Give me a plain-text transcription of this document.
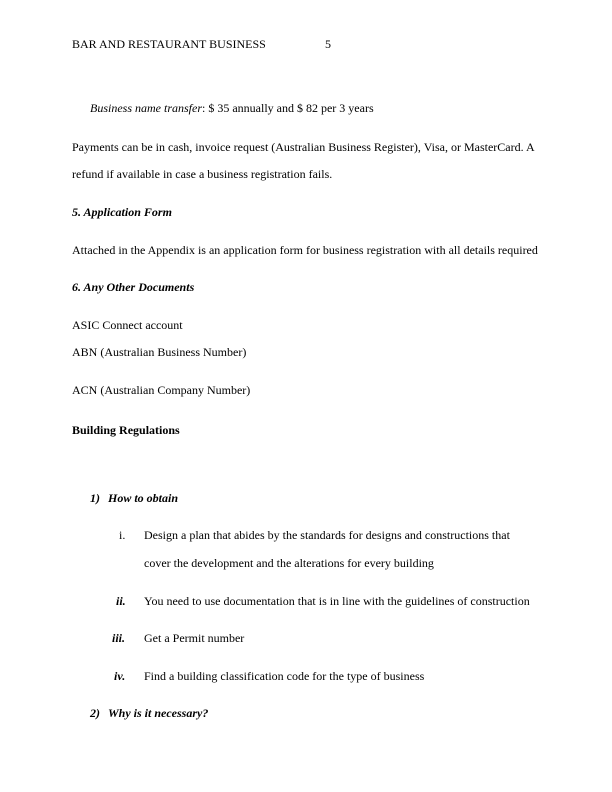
BAR AND RESTAURANT BUSINESS	5
Business name transfer: $ 35 annually and $ 82 per 3 years
Payments can be in cash, invoice request (Australian Business Register), Visa, or MasterCard. A
refund if available in case a business registration fails.
5. Application Form
Attached in the Appendix is an application form for business registration with all details required
6. Any Other Documents
ASIC Connect account
ABN (Australian Business Number)
ACN (Australian Company Number)
Building Regulations
1) How to obtain
i. Design a plan that abides by the standards for designs and constructions that
cover the development and the alterations for every building
ii. You need to use documentation that is in line with the guidelines of construction
iii. Get a Permit number
iv. Find a building classification code for the type of business
2) Why is it necessary?
